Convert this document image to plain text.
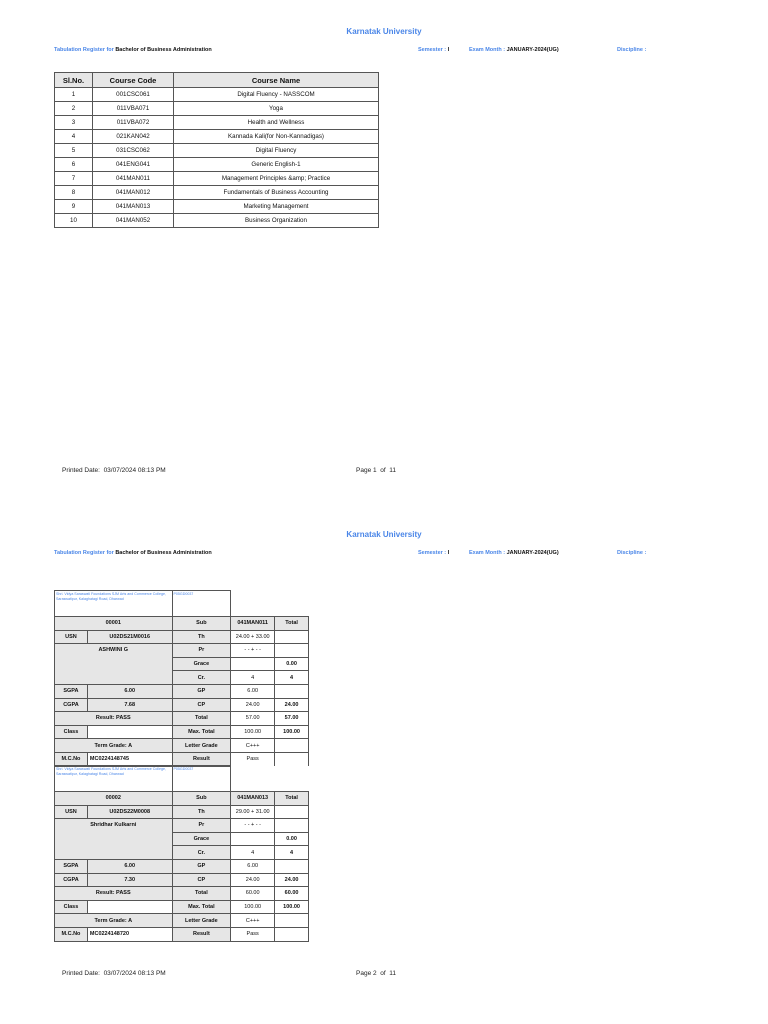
Karnatak University
Tabulation Register for Bachelor of Business Administration	Semester : I	Exam Month : JANUARY-2024(UG)	Discipline :
Sl.No.	Course Code	Course Name
1	001CSC061	Digital Fluency - NASSCOM
2	011VBA071	Yoga
3	011VBA072	Health and Wellness
4	021KAN042	Kannada Kali(for Non-Kannadigas)
5	031CSC062	Digital Fluency
6	041ENG041	Generic English-1
7	041MAN011	Management Principles &amp; Practice
8	041MAN012	Fundamentals of Business Accounting
9	041MAN013	Marketing Management
10	041MAN052	Business Organization
Printed Date: 03/07/2024 08:13 PM	Page 1 of 11
Karnatak University
Tabulation Register for Bachelor of Business Administration	Semester : I	Exam Month : JANUARY-2024(UG)	Discipline :
Shri. Vidya Saraswati Foundations SJM Arts and Commerce College, Saraswatipur, Kalaghatagi Road, Dharwad		P05GD0037		
00001		Sub	041MAN011	Total
USN	U02DS21M0016	Th	24.00 + 33.00	
ASHWINI G		Pr	- - + - -	
		Grace		0.00
		Cr.	4	4
SGPA	6.00	GP	6.00	
CGPA	7.68	CP	24.00	24.00
Result: PASS		Total	57.00	57.00
Class		Max. Total	100.00	100.00
Term Grade: A		Letter Grade	C+++	
M.C.No	MC0224148745	Result	Pass	
Shri. Vidya Saraswati Foundations SJM Arts and Commerce College, Saraswatipur, Kalaghatagi Road, Dharwad		P05GD0037		
00002		Sub	041MAN013	Total
USN	U02DS22M0008	Th	29.00 + 31.00	
Shridhar Kulkarni		Pr	- - + - -	
		Grace		0.00
		Cr.	4	4
SGPA	6.00	GP	6.00	
CGPA	7.30	CP	24.00	24.00
Result: PASS		Total	60.00	60.00
Class		Max. Total	100.00	100.00
Term Grade: A		Letter Grade	C+++	
M.C.No	MC0224148720	Result	Pass	
Printed Date: 03/07/2024 08:13 PM	Page 2 of 11
